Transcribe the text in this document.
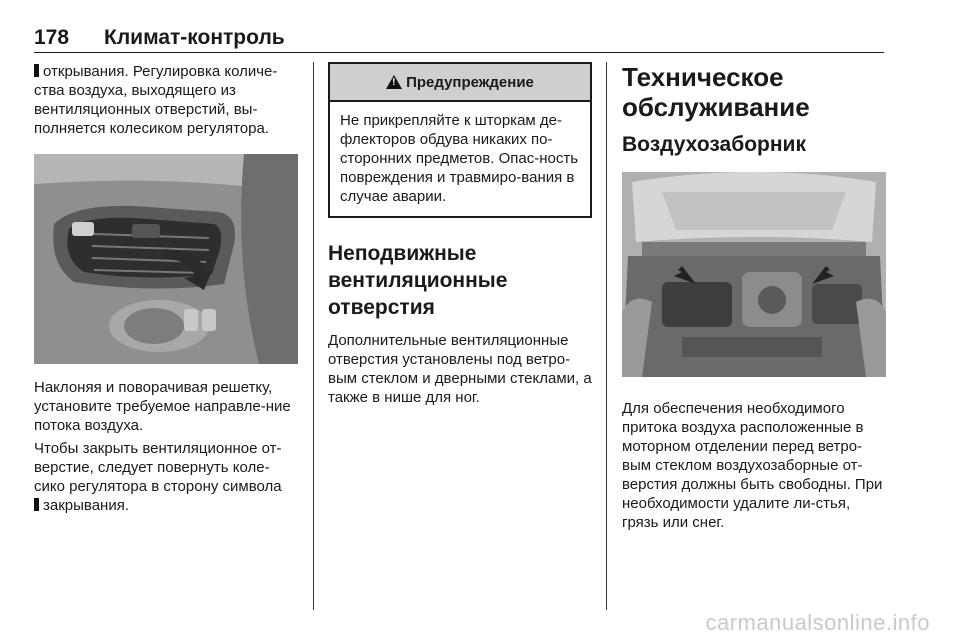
178 Климат-контроль

открывания. Регулировка количе-ства воздуха, выходящего из вентиляционных отверстий, вы-полняется колесиком регулятора.

Наклоняя и поворачивая решетку, установите требуемое направле-ние потока воздуха.

Чтобы закрыть вентиляционное от-верстие, следует повернуть коле-сико регулятора в сторону символа
закрывания.

!
Предупреждение
Не прикрепляйте к шторкам де-флекторов обдува никаких по-сторонних предметов. Опас-ность повреждения и травмиро-вания в случае аварии.
Неподвижные вентиляционные отверстия

Дополнительные вентиляционные отверстия установлены под ветро-вым стеклом и дверными стеклами, а также в нише для ног.

Техническое обслуживание
Воздухозаборник

Для обеспечения необходимого притока воздуха расположенные в моторном отделении перед ветро-вым стеклом воздухозаборные от-верстия должны быть свободны. При необходимости удалите ли-стья, грязь или снег.

carmanualsonline.info
